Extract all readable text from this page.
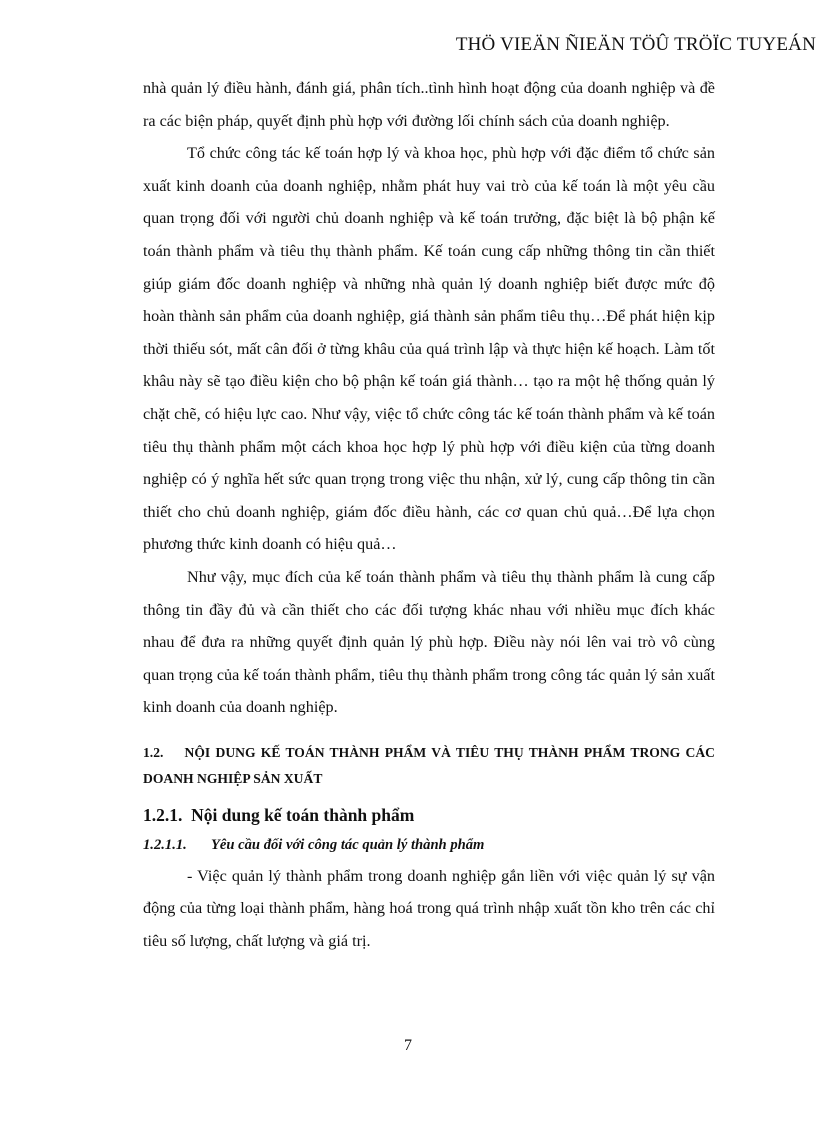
THÖ VIEÄN ÑIEÄN TÖÛ TRÖÏC TUYEÁN

nhà quản lý điều hành, đánh giá, phân tích..tình hình hoạt động của doanh nghiệp và đề ra các biện pháp, quyết định phù hợp với đường lối chính sách của doanh nghiệp.

Tổ chức công tác kế toán hợp lý và khoa học, phù hợp với đặc điểm tổ chức sản xuất kinh doanh của doanh nghiệp, nhằm phát huy vai trò của kế toán là một yêu cầu quan trọng đối với người chủ doanh nghiệp và kế toán trưởng, đặc biệt là bộ phận kế toán thành phẩm và tiêu thụ thành phẩm. Kế toán cung cấp những thông tin cần thiết giúp giám đốc doanh nghiệp và những nhà quản lý doanh nghiệp biết được mức độ hoàn thành sản phẩm của doanh nghiệp, giá thành sản phẩm tiêu thụ…Để phát hiện kịp thời thiếu sót, mất cân đối ở từng khâu của quá trình lập và thực hiện kế hoạch. Làm tốt khâu này sẽ tạo điều kiện cho bộ phận kế toán giá thành… tạo ra một hệ thống quản lý chặt chẽ, có hiệu lực cao. Như vậy, việc tổ chức công tác kế toán thành phẩm và kế toán tiêu thụ thành phẩm một cách khoa học hợp lý phù hợp với điều kiện của từng doanh nghiệp có ý nghĩa hết sức quan trọng trong việc thu nhận, xử lý, cung cấp thông tin cần thiết cho chủ doanh nghiệp, giám đốc điều hành, các cơ quan chủ quả…Để lựa chọn phương thức kinh doanh có hiệu quả…

Như vậy, mục đích của kế toán thành phẩm và tiêu thụ thành phẩm là cung cấp thông tin đầy đủ và cần thiết cho các đối tượng khác nhau với nhiều mục đích khác nhau để đưa ra những quyết định quản lý phù hợp. Điều này nói lên vai trò vô cùng quan trọng của kế toán thành phẩm, tiêu thụ thành phẩm trong công tác quản lý sản xuất kinh doanh của doanh nghiệp.

1.2.    NỘI DUNG KẾ TOÁN THÀNH PHẨM VÀ TIÊU THỤ THÀNH PHẨM TRONG CÁC DOANH NGHIỆP SẢN XUẤT

1.2.1.  Nội dung kế toán thành phẩm

1.2.1.1. Yêu cầu đối với công tác quản lý thành phẩm

- Việc quản lý thành phẩm trong doanh nghiệp gắn liền với việc quản lý sự vận động của từng loại thành phẩm, hàng hoá trong quá trình nhập xuất tồn kho trên các chỉ tiêu số lượng, chất lượng và giá trị.

7
